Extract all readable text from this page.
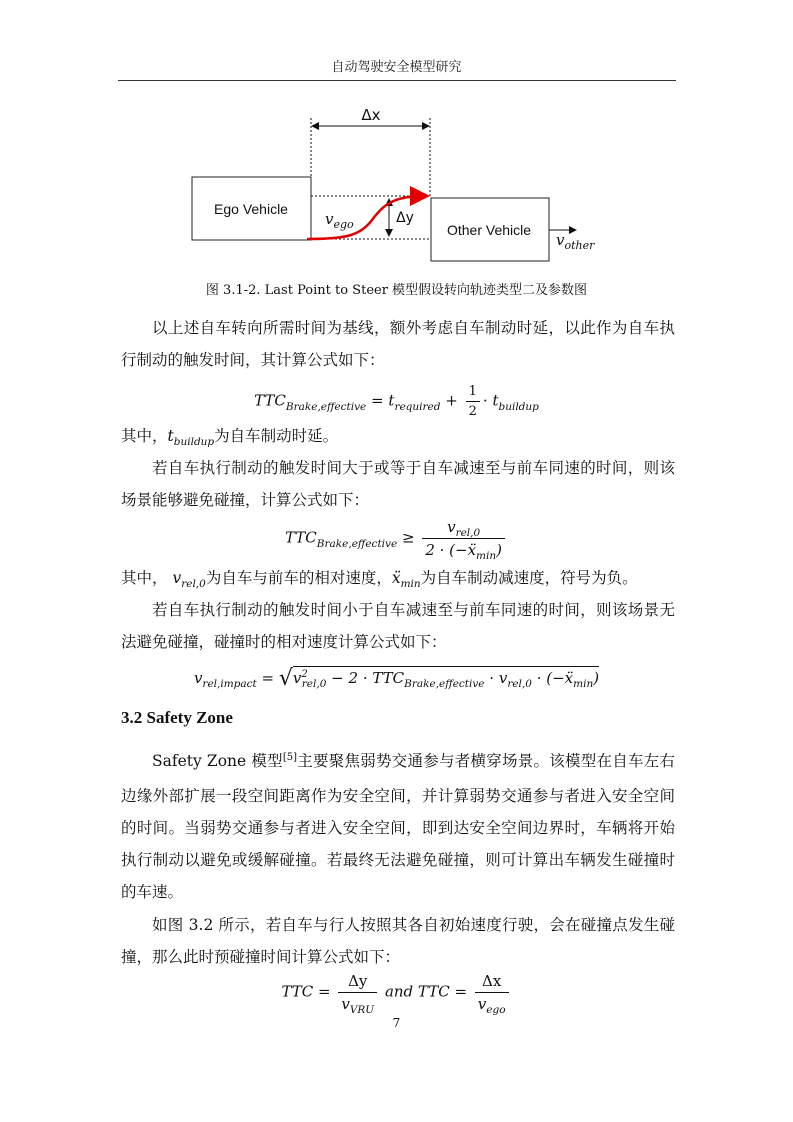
自动驾驶安全模型研究
Δx
Ego Vehicle
Other Vehicle
Δy
$v_{ego}$
$v_{other}$
图 3.1-2. Last Point to Steer 模型假设转向轨迹类型二及参数图

以上述自车转向所需时间为基线，额外考虑自车制动时延，以此作为自车执行制动的触发时间，其计算公式如下：

$TTC_{Brake,effective} = t_{required} + \frac{1}{2} \cdot t_{buildup}$

其中，$t_{buildup}$为自车制动时延。

若自车执行制动的触发时间大于或等于自车减速至与前车同速的时间，则该场景能够避免碰撞，计算公式如下：

$TTC_{Brake,effective} \ge \frac{v_{rel,0}}{2 \cdot (-ẍ_{min})}$

其中， $v_{rel,0}$为自车与前车的相对速度，ẍ$_{min}$为自车制动减速度，符号为负。

若自车执行制动的触发时间小于自车减速至与前车同速的时间，则该场景无法避免碰撞，碰撞时的相对速度计算公式如下：

$v_{rel,impact} = √v^2_{rel,0} - 2 \cdot TTC_{Brake,effective} \cdot v_{rel,0}$ · (−ẍ$_{min}$)
3.2 Safety Zone

Safety Zone 模型[5]主要聚焦弱势交通参与者横穿场景。该模型在自车左右边缘外部扩展一段空间距离作为安全空间，并计算弱势交通参与者进入安全空间的时间。当弱势交通参与者进入安全空间，即到达安全空间边界时，车辆将开始执行制动以避免或缓解碰撞。若最终无法避免碰撞，则可计算出车辆发生碰撞时的车速。

如图 3.2 所示，若自车与行人按照其各自初始速度行驶，会在碰撞点发生碰撞，那么此时预碰撞时间计算公式如下：

TTC = $\frac{\Delta y}{v_{VRU}}$ and TTC = $\frac{\Delta x}{v_{ego}}$
7
